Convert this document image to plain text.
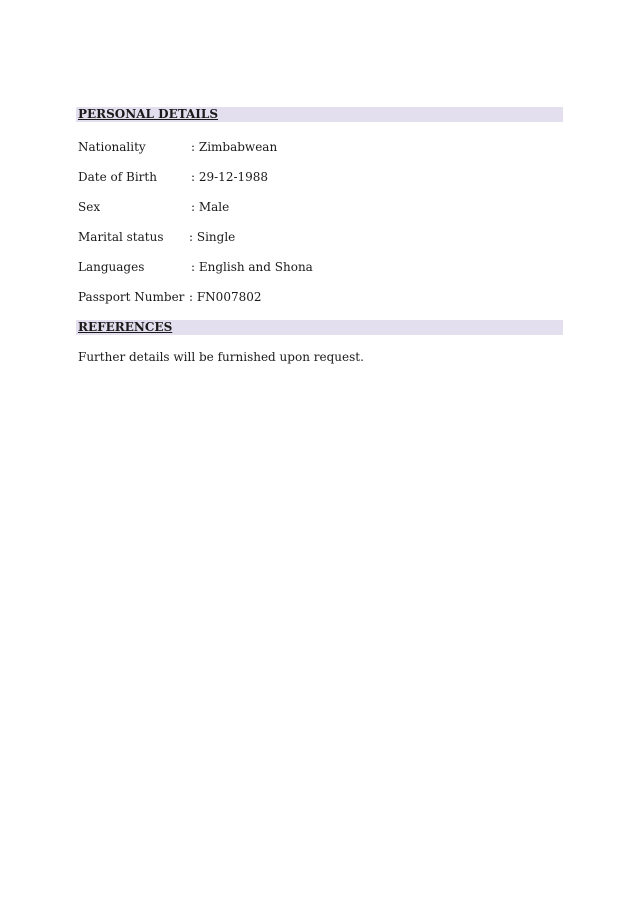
PERSONAL DETAILS
Nationality	: Zimbabwean
Date of Birth	: 29-12-1988
Sex	: Male
Marital status : Single
Languages	: English and Shona
Passport Number : FN007802
REFERENCES
Further details will be furnished upon request.
